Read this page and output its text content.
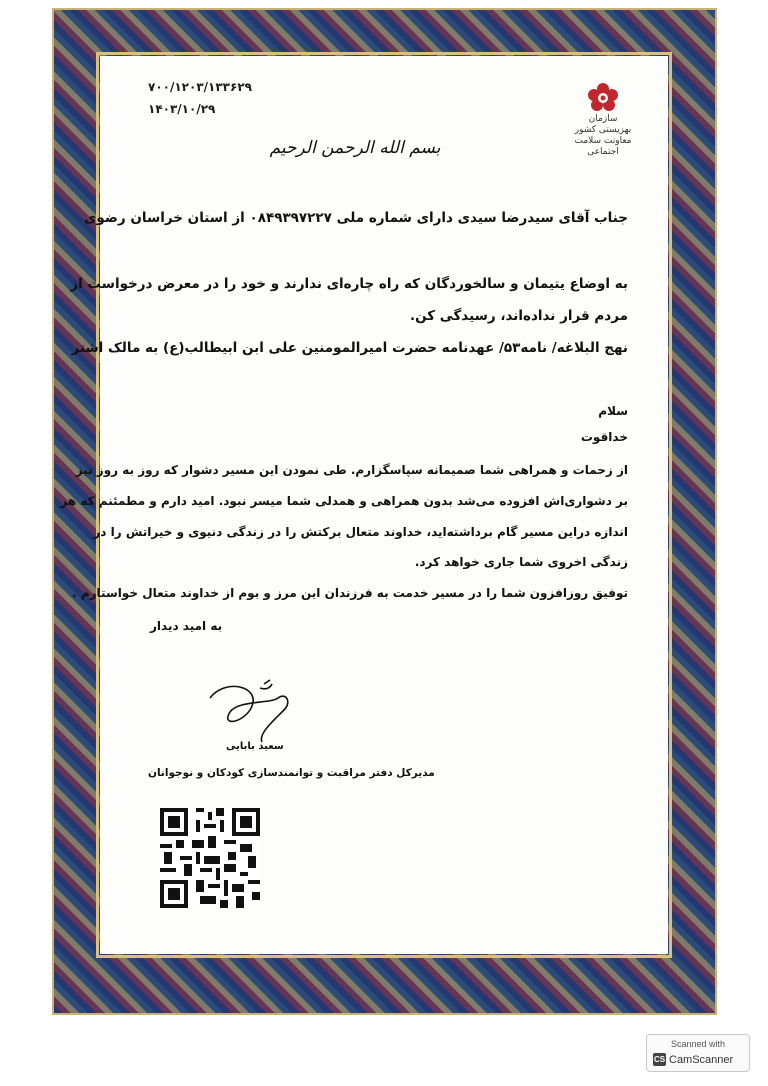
۷۰۰/۱۲۰۳/۱۳۳۶۲۹
۱۴۰۳/۱۰/۲۹
سازمان بهزیستی کشور
معاونت سلامت اجتماعی
بسم الله الرحمن الرحیم
جناب آقای سیدرضا سیدی دارای شماره ملی ۰۸۴۹۳۹۷۲۲۷ از استان خراسان رضوی
به اوضاع یتیمان و سالخوردگان که راه چاره‌ای ندارند و خود را در معرض درخواست از
مردم قرار نداده‌اند، رسیدگی کن.
نهج البلاغه/ نامه۵۳/ عهدنامه حضرت امیرالمومنین علی ابن ابیطالب(ع) به مالک اشتر
سلام
خداقوت
از زحمات و همراهی شما صمیمانه سپاسگزارم. طی نمودن این مسیر دشوار که روز به روز نیز
بر دشواری‌اش افزوده می‌شد بدون همراهی و همدلی شما میسر نبود. امید دارم و مطمئنم که هر
اندازه دراین مسیر گام برداشته‌اید، خداوند متعال برکتش را در زندگی دنیوی و خیراتش را در
زندگی اخروی شما جاری خواهد کرد.
توفیق روزافزون شما را در مسیر خدمت به فرزندان این مرز و بوم از خداوند متعال خواستارم .
به امید دیدار
سعید بابایی
مدیرکل دفتر مراقبت و توانمندسازی کودکان و نوجوانان
Scanned with
CS CamScanner
